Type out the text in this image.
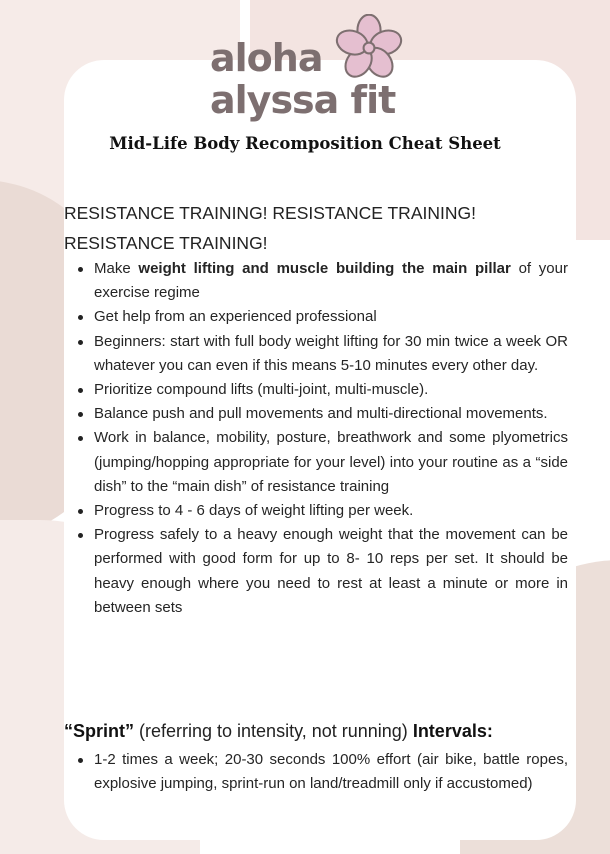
aloha
alyssa fit
Mid-Life Body Recomposition Cheat Sheet
RESISTANCE TRAINING! RESISTANCE TRAINING! RESISTANCE TRAINING!
Make weight lifting and muscle building the main pillar of your exercise regime
Get help from an experienced professional
Beginners: start with full body weight lifting for 30 min twice a week OR whatever you can even if this means 5-10 minutes every other day.
Prioritize compound lifts (multi-joint, multi-muscle).
Balance push and pull movements and multi-directional movements.
Work in balance, mobility, posture, breathwork and some plyometrics (jumping/hopping appropriate for your level) into your routine as a “side dish” to the “main dish” of resistance training
Progress to 4 - 6 days of weight lifting per week.
Progress safely to a heavy enough weight that the movement can be performed with good form for up to 8- 10 reps per set. It should be heavy enough where you need to rest at least a minute or more in between sets
“Sprint” (referring to intensity, not running) Intervals:
1-2 times a week; 20-30 seconds 100% effort (air bike, battle ropes, explosive jumping, sprint-run on land/treadmill only if accustomed)
